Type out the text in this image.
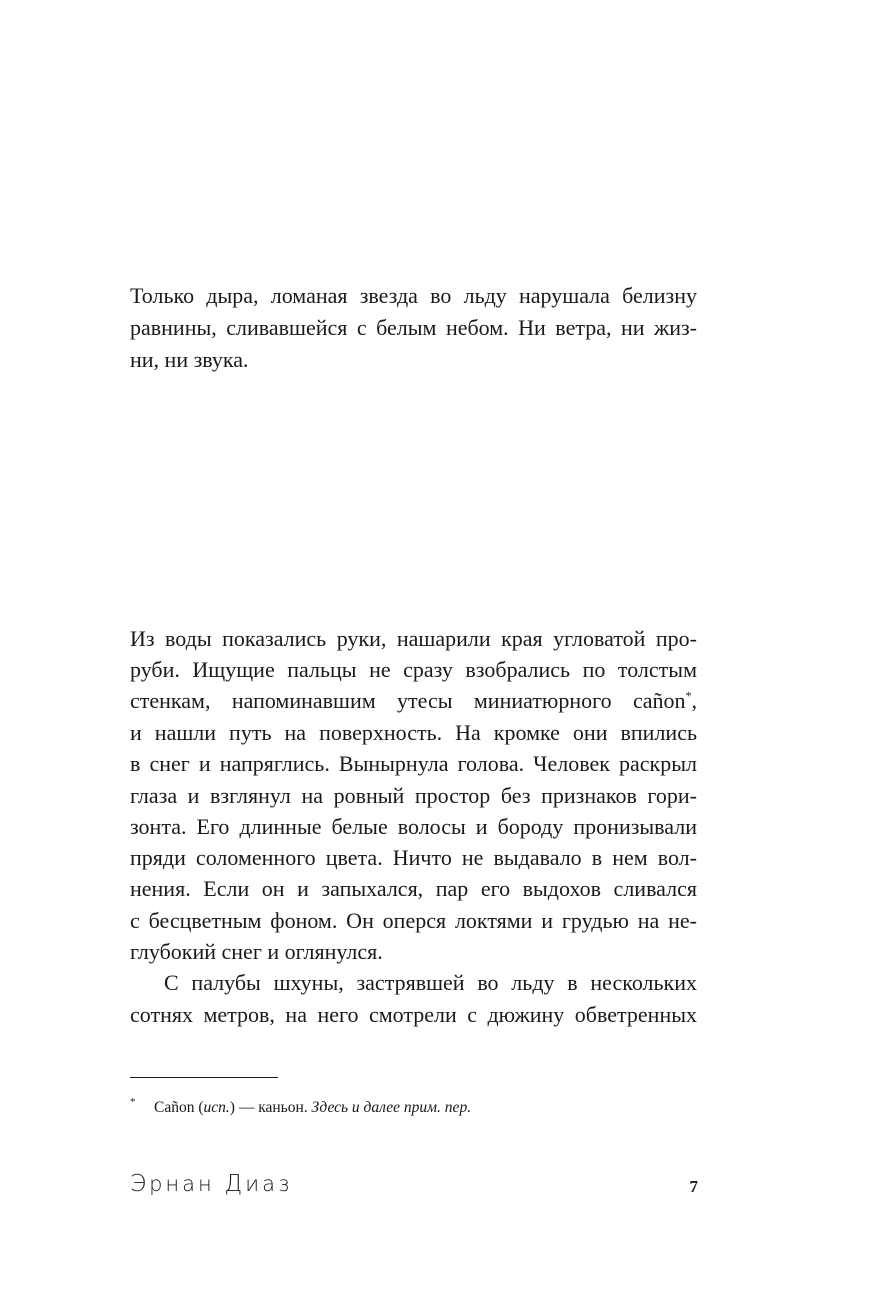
Только дыра, ломаная звезда во льду нарушала белизну
равнины, сливавшейся с белым небом. Ни ветра, ни жиз-
ни, ни звука.
Из воды показались руки, нашарили края угловатой про-
руби. Ищущие пальцы не сразу взобрались по толстым
стенкам, напоминавшим утесы миниатюрного cañon*,
и нашли путь на поверхность. На кромке они впились
в снег и напряглись. Вынырнула голова. Человек раскрыл
глаза и взглянул на ровный простор без признаков гори-
зонта. Его длинные белые волосы и бороду пронизывали
пряди соломенного цвета. Ничто не выдавало в нем вол-
нения. Если он и запыхался, пар его выдохов сливался
с бесцветным фоном. Он оперся локтями и грудью на не-
глубокий снег и оглянулся.
С палубы шхуны, застрявшей во льду в нескольких
сотнях метров, на него смотрели с дюжину обветренных
* Cañon (исп.) — каньон. Здесь и далее прим. пер.
Эрнан Диаз	7
